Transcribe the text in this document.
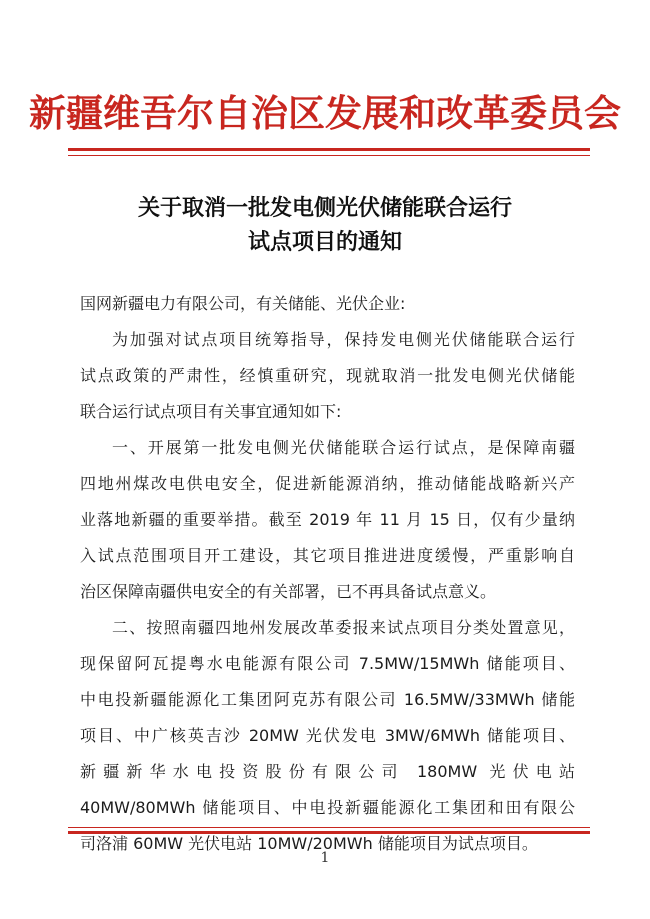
新疆维吾尔自治区发展和改革委员会
关于取消一批发电侧光伏储能联合运行
试点项目的通知
国网新疆电力有限公司，有关储能、光伏企业:
为加强对试点项目统筹指导，保持发电侧光伏储能联合运行
试点政策的严肃性，经慎重研究，现就取消一批发电侧光伏储能
联合运行试点项目有关事宜通知如下:
一、开展第一批发电侧光伏储能联合运行试点，是保障南疆
四地州煤改电供电安全，促进新能源消纳，推动储能战略新兴产
业落地新疆的重要举措。截至 2019 年 11 月 15 日，仅有少量纳
入试点范围项目开工建设，其它项目推进进度缓慢，严重影响自
治区保障南疆供电安全的有关部署，已不再具备试点意义。
二、按照南疆四地州发展改革委报来试点项目分类处置意见，
现保留阿瓦提粤水电能源有限公司 7.5MW/15MWh 储能项目、
中电投新疆能源化工集团阿克苏有限公司 16.5MW/33MWh 储能
项目、中广核英吉沙 20MW 光伏发电 3MW/6MWh 储能项目、
新疆新华水电投资股份有限公司 180MW 光伏电站
40MW/80MWh 储能项目、中电投新疆能源化工集团和田有限公
司洛浦 60MW 光伏电站 10MW/20MWh 储能项目为试点项目。
1
